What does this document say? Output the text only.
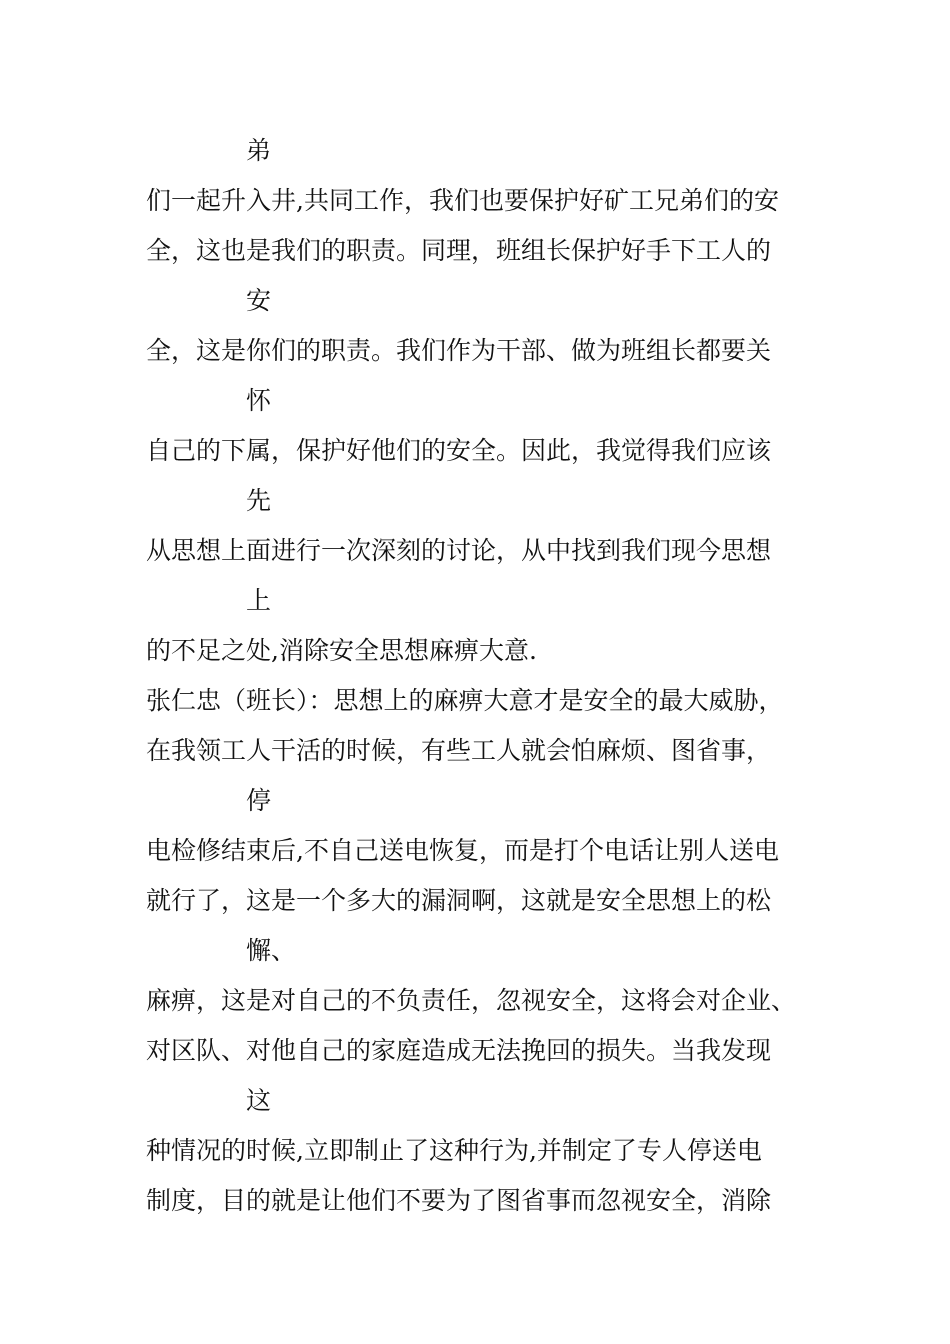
弟

们一起升入井,共同工作，我们也要保护好矿工兄弟们的安

全，这也是我们的职责。同理，班组长保护好手下工人的

安

全，这是你们的职责。我们作为干部、做为班组长都要关

怀

自己的下属，保护好他们的安全。因此，我觉得我们应该

先

从思想上面进行一次深刻的讨论，从中找到我们现今思想

上

的不足之处,消除安全思想麻痹大意.

张仁忠（班长）：思想上的麻痹大意才是安全的最大威胁，

在我领工人干活的时候，有些工人就会怕麻烦、图省事，

停

电检修结束后,不自己送电恢复，而是打个电话让别人送电

就行了，这是一个多大的漏洞啊，这就是安全思想上的松

懈、

麻痹，这是对自己的不负责任，忽视安全，这将会对企业、

对区队、对他自己的家庭造成无法挽回的损失。当我发现

这

种情况的时候,立即制止了这种行为,并制定了专人停送电

制度，目的就是让他们不要为了图省事而忽视安全，消除
